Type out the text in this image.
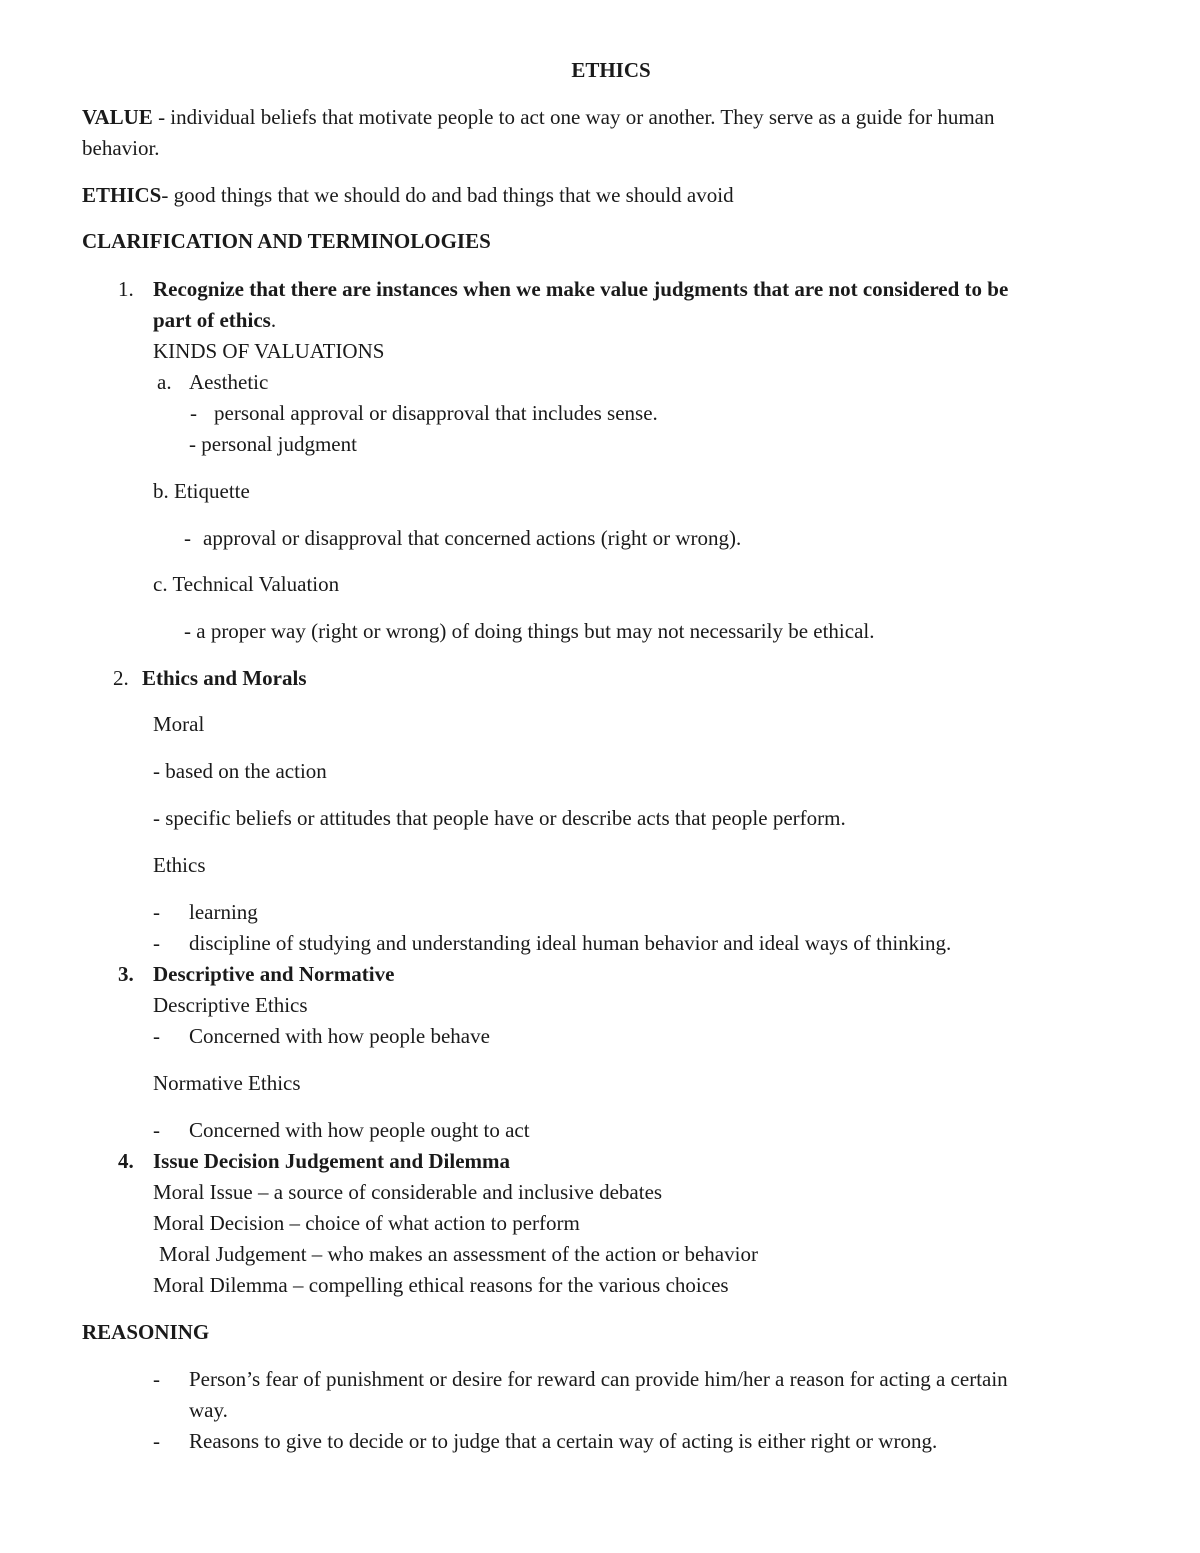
ETHICS
VALUE - individual beliefs that motivate people to act one way or another. They serve as a guide for human
behavior.
ETHICS- good things that we should do and bad things that we should avoid
CLARIFICATION AND TERMINOLOGIES
1. Recognize that there are instances when we make value judgments that are not considered to be
part of ethics.
KINDS OF VALUATIONS
a. Aesthetic
- personal approval or disapproval that includes sense.
- personal judgment
b. Etiquette
- approval or disapproval that concerned actions (right or wrong).
c. Technical Valuation
- a proper way (right or wrong) of doing things but may not necessarily be ethical.
2. Ethics and Morals
Moral
- based on the action
- specific beliefs or attitudes that people have or describe acts that people perform.
Ethics
- learning
- discipline of studying and understanding ideal human behavior and ideal ways of thinking.
3. Descriptive and Normative
Descriptive Ethics
- Concerned with how people behave
Normative Ethics
- Concerned with how people ought to act
4. Issue Decision Judgement and Dilemma
Moral Issue – a source of considerable and inclusive debates
Moral Decision – choice of what action to perform
Moral Judgement – who makes an assessment of the action or behavior
Moral Dilemma – compelling ethical reasons for the various choices
REASONING
- Person’s fear of punishment or desire for reward can provide him/her a reason for acting a certain
way.
- Reasons to give to decide or to judge that a certain way of acting is either right or wrong.
